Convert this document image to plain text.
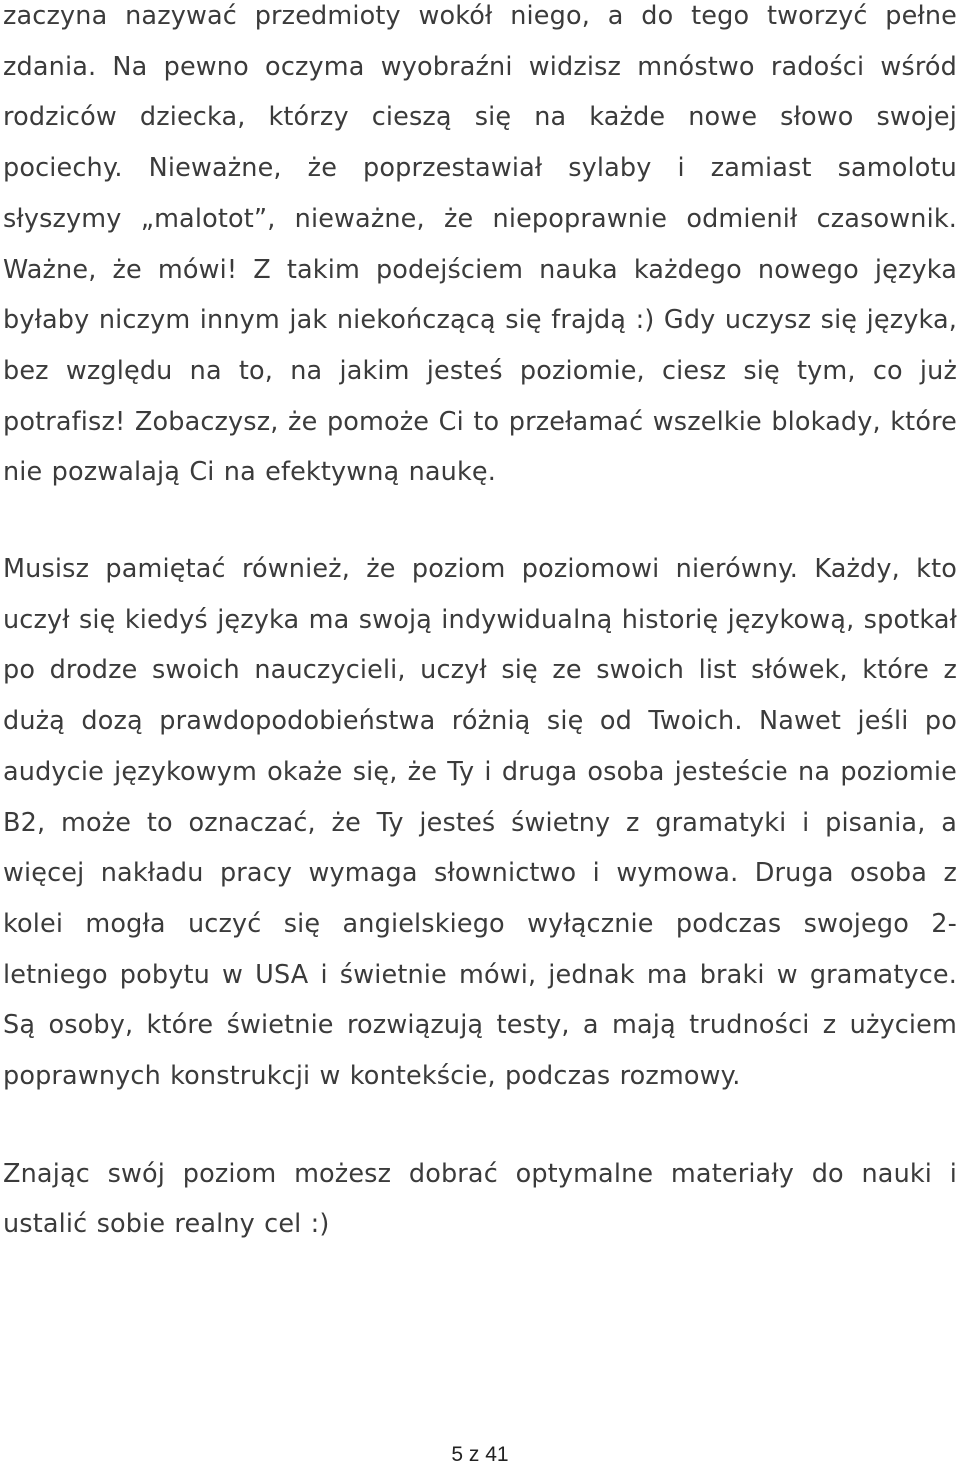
zaczyna nazywać przedmioty wokół niego, a do tego tworzyć pełne zdania. Na pewno oczyma wyobraźni widzisz mnóstwo radości wśród rodziców dziecka, którzy cieszą się na każde nowe słowo swojej pociechy. Nieważne, że poprzestawiał sylaby i zamiast samolotu słyszymy „malotot”, nieważne, że niepoprawnie odmienił czasownik. Ważne, że mówi! Z takim podejściem nauka każdego nowego języka byłaby niczym innym jak niekończącą się frajdą :) Gdy uczysz się języka, bez względu na to, na jakim jesteś poziomie, ciesz się tym, co już potrafisz! Zobaczysz, że pomoże Ci to przełamać wszelkie blokady, które nie pozwalają Ci na efektywną naukę.

Musisz pamiętać również, że poziom poziomowi nierówny. Każdy, kto uczył się kiedyś języka ma swoją indywidualną historię językową, spotkał po drodze swoich nauczycieli, uczył się ze swoich list słówek, które z dużą dozą prawdopodobieństwa różnią się od Twoich. Nawet jeśli po audycie językowym okaże się, że Ty i druga osoba jesteście na poziomie B2, może to oznaczać, że Ty jesteś świetny z gramatyki i pisania, a więcej nakładu pracy wymaga słownictwo i wymowa. Druga osoba z kolei mogła uczyć się angielskiego wyłącznie podczas swojego 2-letniego pobytu w USA i świetnie mówi, jednak ma braki w gramatyce. Są osoby, które świetnie rozwiązują testy, a mają trudności z użyciem poprawnych konstrukcji w kontekście, podczas rozmowy.

Znając swój poziom możesz dobrać optymalne materiały do nauki i ustalić sobie realny cel :)

5 z 41
